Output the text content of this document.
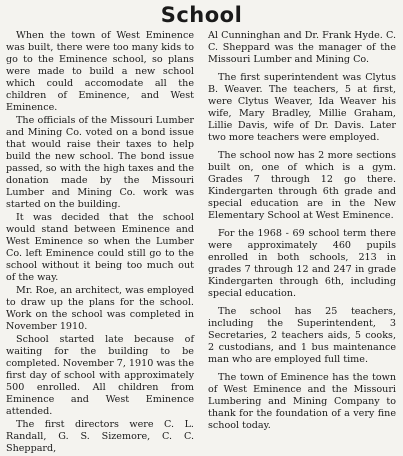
School

When the town of West Eminence was built, there were too many kids to go to the Eminence school, so plans were made to build a new school which could accomodate all the children of Eminence, and West Eminence.

The officials of the Missouri Lumber and Mining Co. voted on a bond issue that would raise their taxes to help build the new school. The bond issue passed, so with the high taxes and the donation made by the Missouri Lumber and Mining Co. work was started on the building.

It was decided that the school would stand between Eminence and West Eminence so when the Lumber Co. left Eminence could still go to the school without it being too much out of the way.

Mr. Roe, an architect, was employed to draw up the plans for the school. Work on the school was completed in November 1910.

School started late because of waiting for the building to be completed. November 7, 1910 was the first day of school with approximately 500 enrolled. All children from Eminence and West Eminence attended.

The first directors were C. L. Randall, G. S. Sizemore, C. C. Sheppard,

Al Cunninghan and Dr. Frank Hyde. C. C. Sheppard was the manager of the Missouri Lumber and Mining Co.

The first superintendent was Clytus B. Weaver. The teachers, 5 at first, were Clytus Weaver, Ida Weaver his wife, Mary Bradley, Millie Graham, Lillie Davis, wife of Dr. Davis. Later two more teachers were employed.

The school now has 2 more sections built on, one of which is a gym. Grades 7 through 12 go there. Kindergarten through 6th grade and special education are in the New Elementary School at West Eminence.

For the 1968 - 69 school term there were approximately 460 pupils enrolled in both schools, 213 in grades 7 through 12 and 247 in grade Kindergarten through 6th, including special education.

The school has 25 teachers, including the Superintendent, 3 Secretaries, 2 teachers aids, 5 cooks, 2 custodians, and 1 bus maintenance man who are employed full time.

The town of Eminence has the town of West Eminence and the Missouri Lumbering and Mining Company to thank for the foundation of a very fine school today.
